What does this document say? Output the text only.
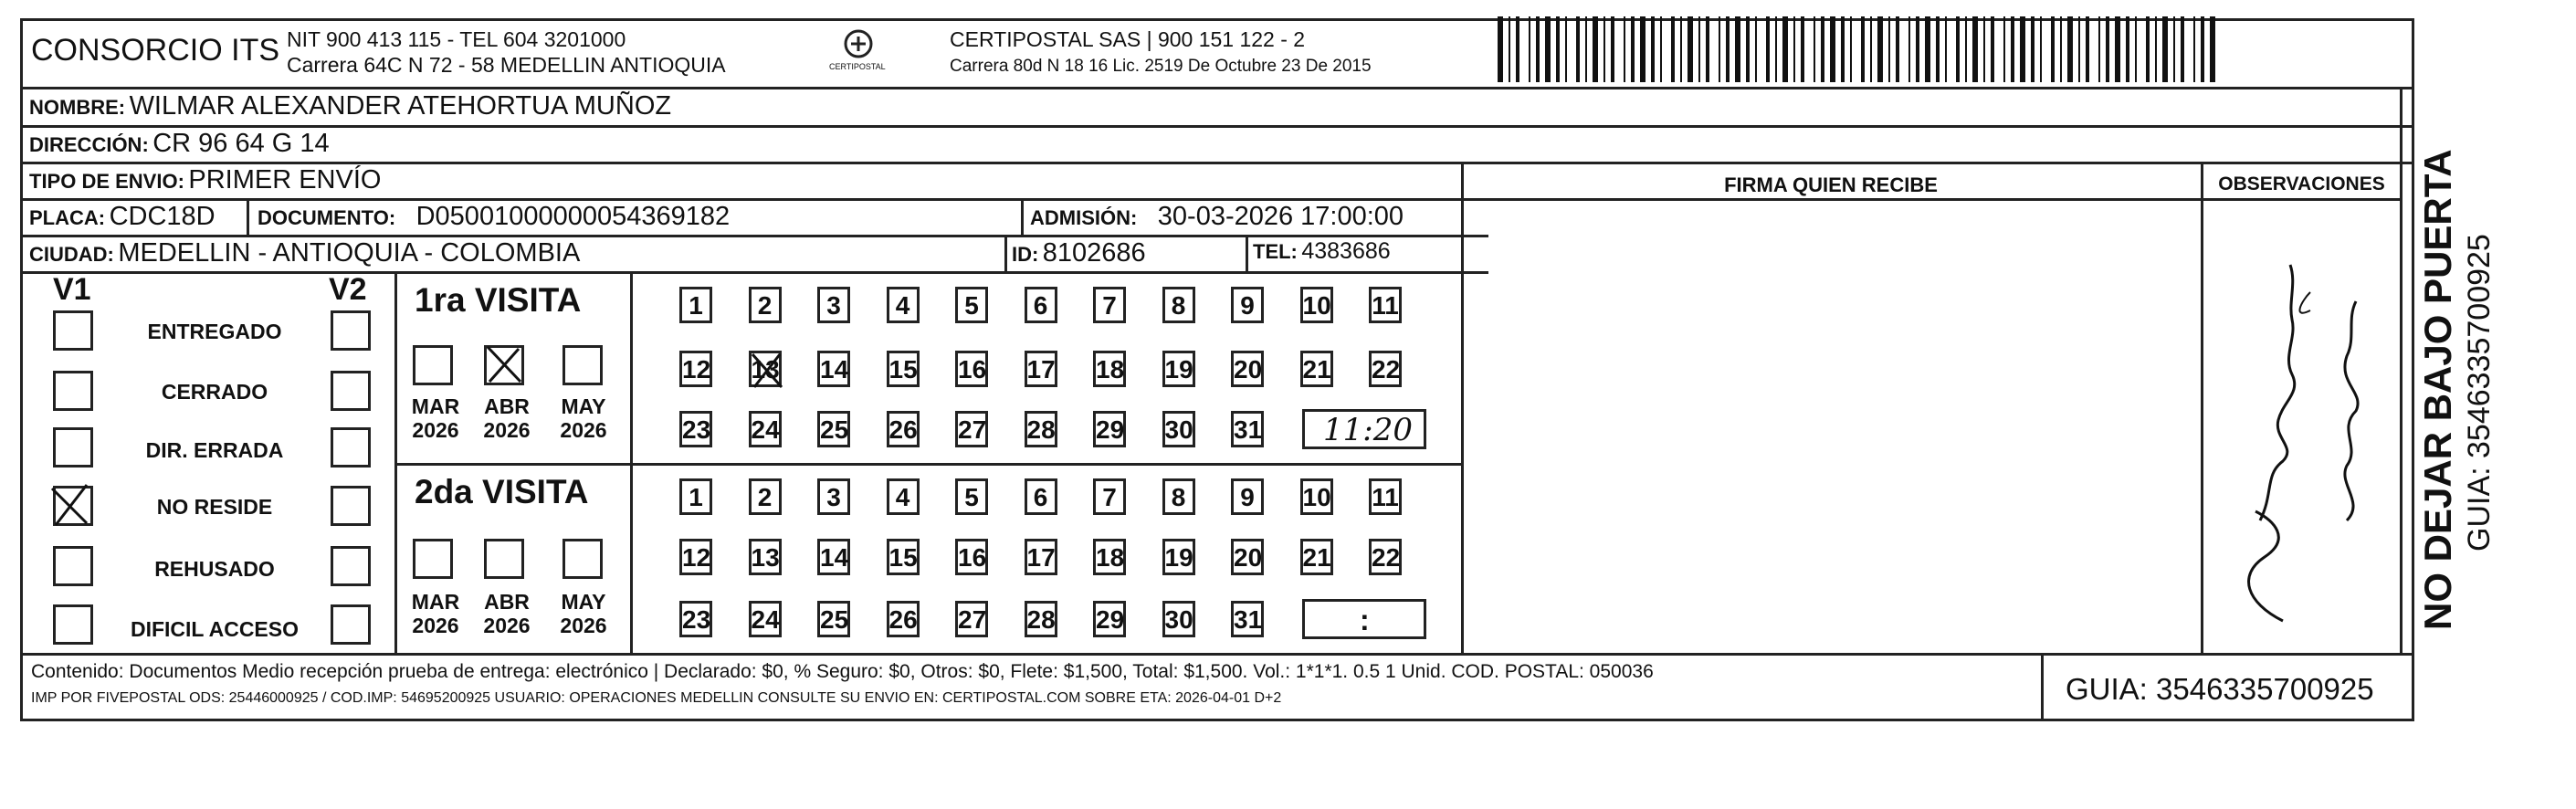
CONSORCIO ITS NIT 900 413 115 - TEL 604 3201000
Carrera 64C N 72 - 58 MEDELLIN ANTIOQUIA	CERTIPOSTAL
CERTIPOSTAL SAS | 900 151 122 - 2
Carrera 80d N 18 16 Lic. 2519 De Octubre 23 De 2015
NOMBRE: WILMAR ALEXANDER ATEHORTUA MUÑOZ
DIRECCIÓN: CR 96 64 G 14
TIPO DE ENVIO: PRIMER ENVÍO	FIRMA QUIEN RECIBE	OBSERVACIONES
PLACA: CDC18D DOCUMENTO: D05001000000054369182	ADMISIÓN: 30-03-2026 17:00:00
CIUDAD: MEDELLIN - ANTIOQUIA - COLOMBIA	ID: 8102686	TEL: 4383686
V1	V2
ENTREGADO
CERRADO
DIR. ERRADA
NO RESIDE
REHUSADO
DIFICIL ACCESO
1ra VISITA
MAR
2026
ABR
2026
MAY
2026
2da VISITA
MAR
2026
ABR
2026
MAY
2026
1	2	3	4	5	6	7	8	9	10 11
12 13 14 15 16 17 18 19 20 21 22
23 24 25 26 27 28 29 30 31
1	2	3	4	5	6	7	8	9	10 11
12 13 14 15 16 17 18 19 20 21 22
23 24 25 26 27 28 29 30 31
11:20
:
Contenido: Documentos Medio recepción prueba de entrega: electrónico | Declarado: $0, % Seguro: $0, Otros: $0, Flete: $1,500, Total: $1,500. Vol.: 1*1*1. 0.5 1 Unid. COD. POSTAL: 050036
IMP POR FIVEPOSTAL ODS: 25446000925 / COD.IMP: 54695200925 USUARIO: OPERACIONES MEDELLIN CONSULTE SU ENVIO EN: CERTIPOSTAL.COM SOBRE ETA: 2026-04-01 D+2	GUIA: 3546335700925
NO DEJAR BAJO PUERTA GUIA: 3546335700925
